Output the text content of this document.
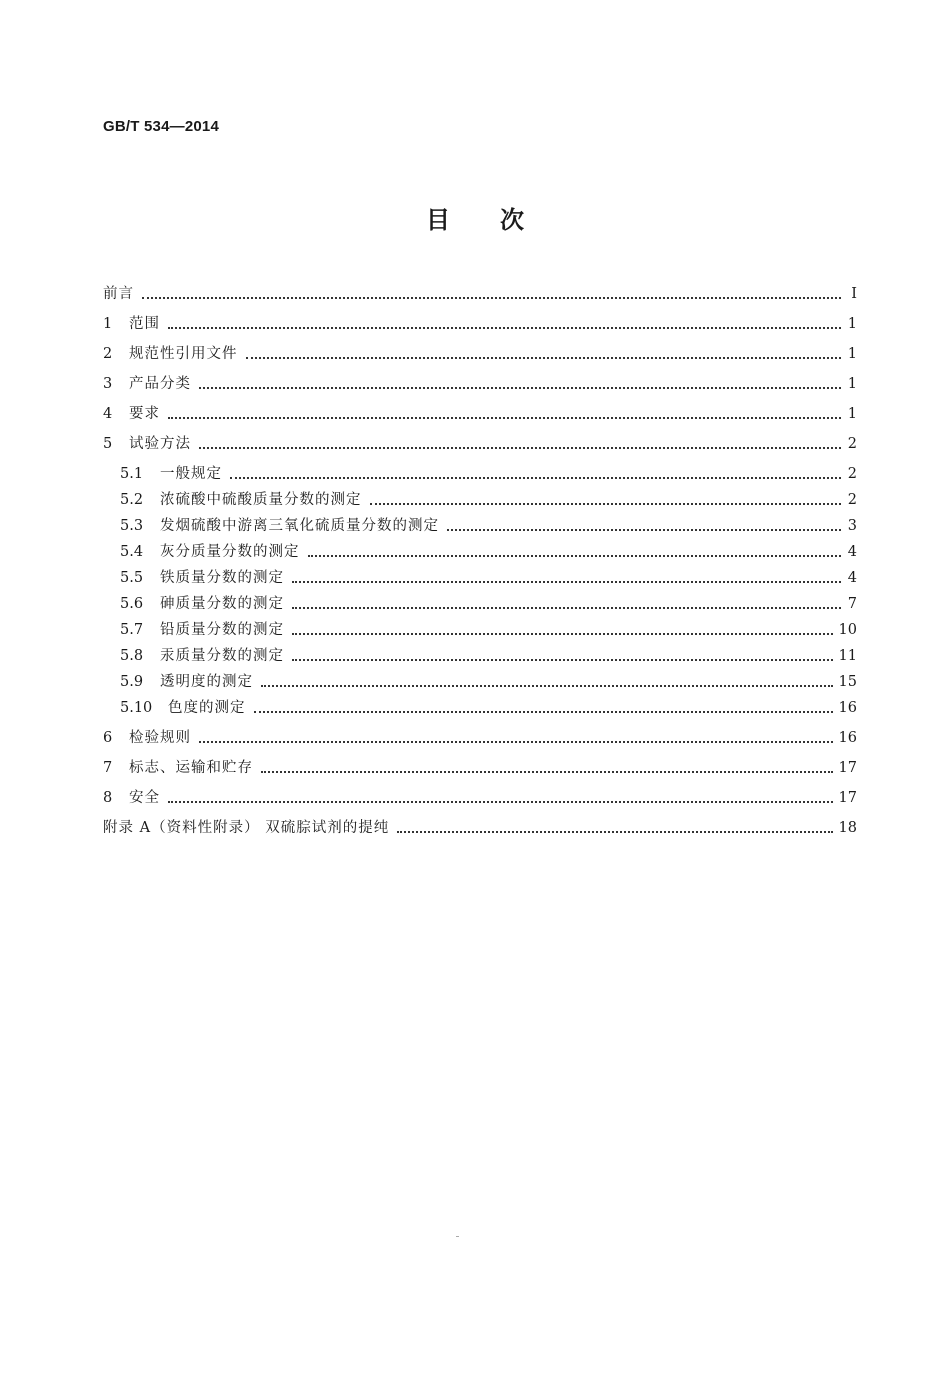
GB/T 534—2014
目次
前言	Ⅰ
1	范围	1
2	规范性引用文件	1
3	产品分类	1
4	要求	1
5	试验方法	2
5.1	一般规定	2
5.2	浓硫酸中硫酸质量分数的测定	2
5.3	发烟硫酸中游离三氧化硫质量分数的测定	3
5.4	灰分质量分数的测定	4
5.5	铁质量分数的测定	4
5.6	砷质量分数的测定	7
5.7	铅质量分数的测定	10
5.8	汞质量分数的测定	11
5.9	透明度的测定	15
5.10	色度的测定	16
6	检验规则	16
7	标志、运输和贮存	17
8	安全	17
附录 A（资料性附录） 双硫腙试剂的提纯	18
